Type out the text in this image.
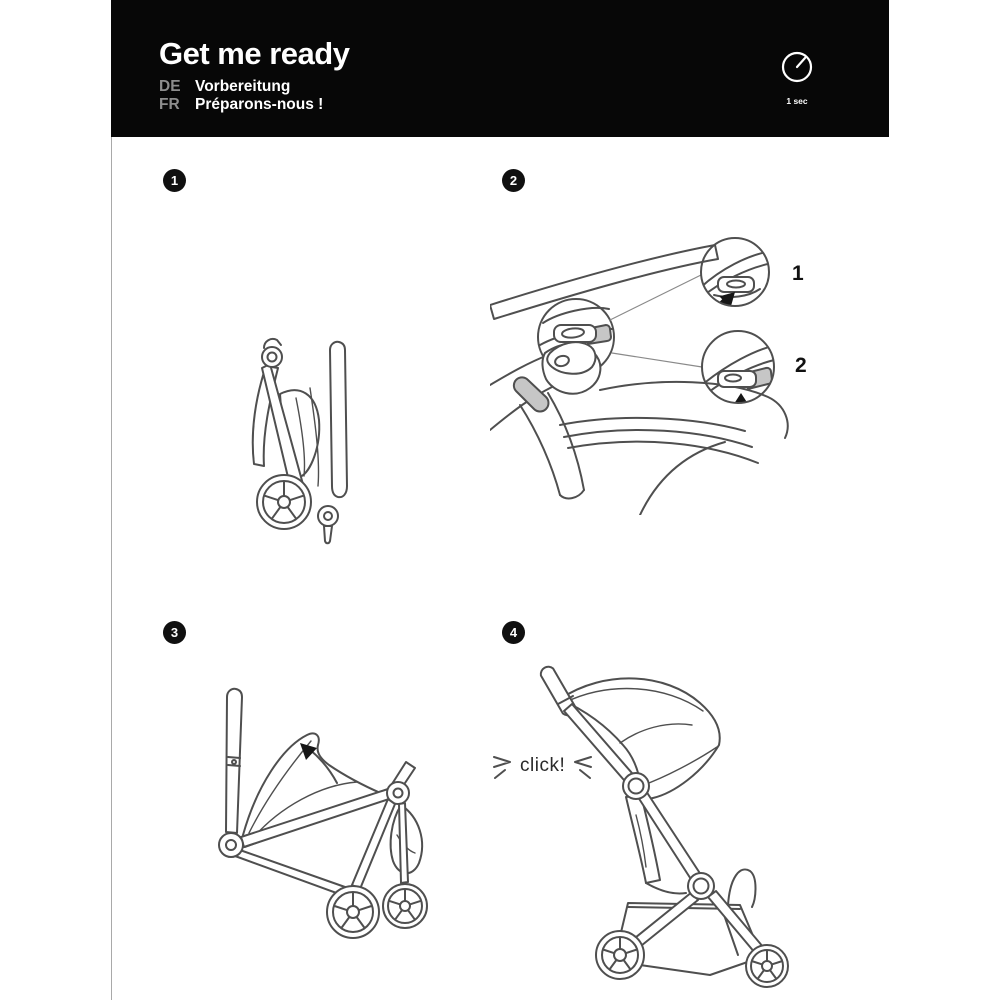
Get me ready
DE Vorbereitung
FR Préparons-nous !	1 sec
1	2
3	4
1
2
click!
